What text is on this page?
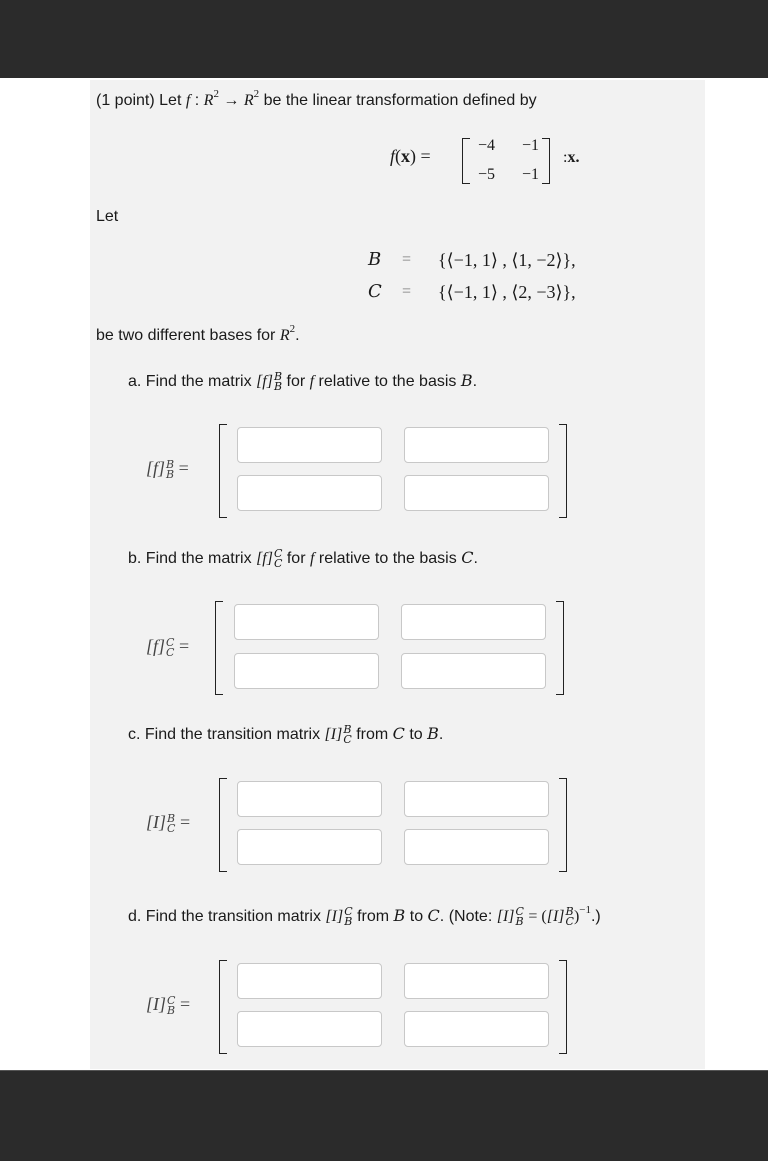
(1 point) Let f : $R^2 \to R^2$ be the linear transformation defined by
f(x) =
−4 −1
−5 −1
:x.
Let
B = {⟨−1, 1⟩ , ⟨1, −2⟩},
C = {⟨−1, 1⟩ , ⟨2, −3⟩},
be two different bases for $R^2$.
a. Find the matrix [f] B
B for f relative to the basis B.
[f] B
B =
b. Find the matrix [f] C
C for f relative to the basis C.
[f] C
C =
c. Find the transition matrix [I] B
C from C to B.
[I] B
C =
d. Find the transition matrix [I] C
B from B to C. (Note: [I] C
B = ([I] B
C )$^{-1}$.)
[I] C
B =
